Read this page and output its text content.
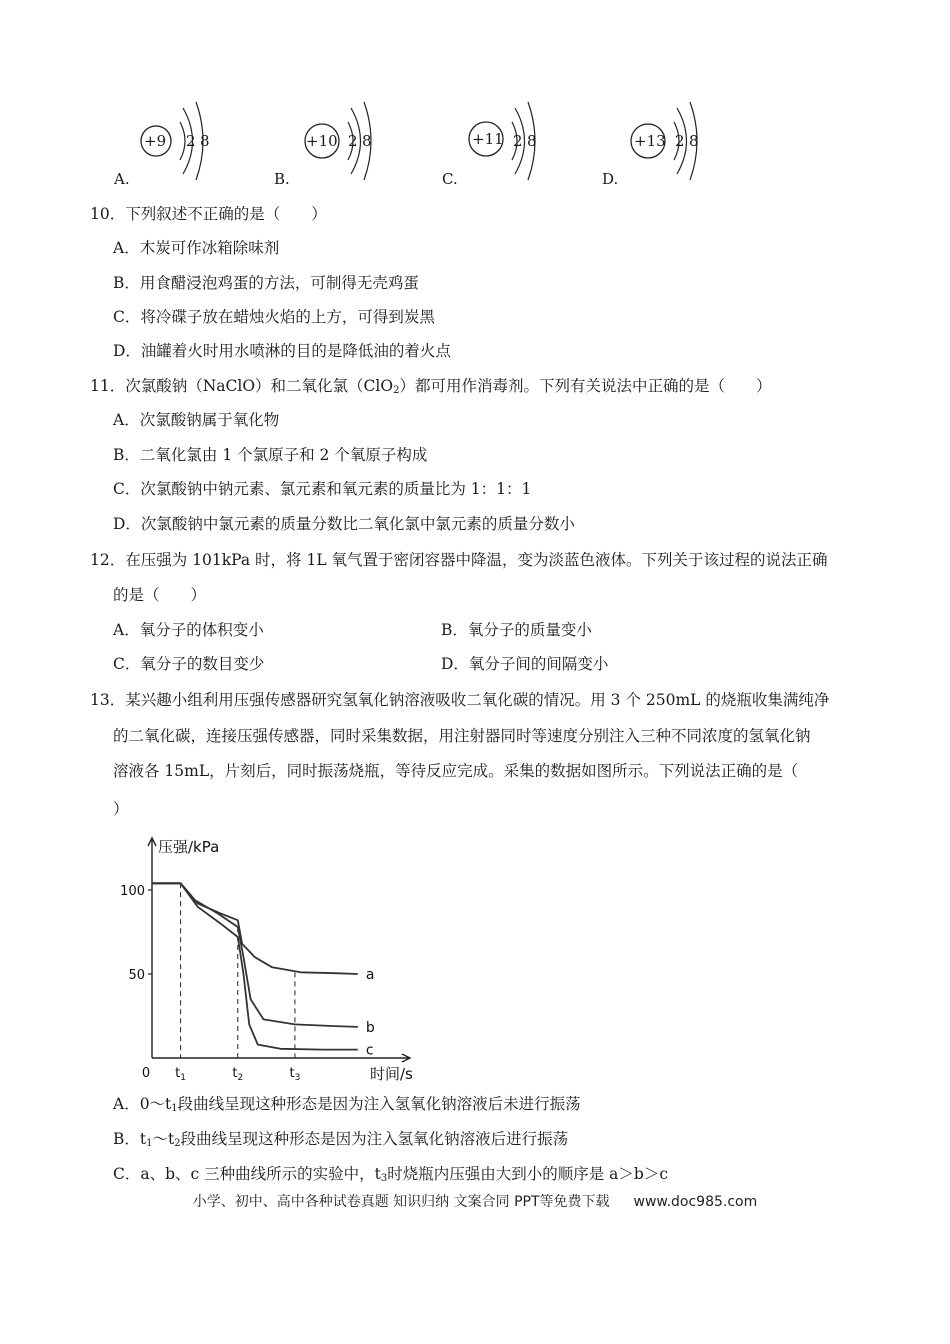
+9 2 8
A.
+10 2 8
B.
+11 2 8
C.
+13 2 8
D.
10．下列叙述不正确的是（　　）
A．木炭可作冰箱除味剂
B．用食醋浸泡鸡蛋的方法，可制得无壳鸡蛋
C．将冷碟子放在蜡烛火焰的上方，可得到炭黑
D．油罐着火时用水喷淋的目的是降低油的着火点
11．次氯酸钠（NaClO）和二氧化氯（ClO$_2$）都可用作消毒剂。下列有关说法中正确的是（　　）
A．次氯酸钠属于氧化物
B．二氧化氯由 1 个氯原子和 2 个氧原子构成
C．次氯酸钠中钠元素、氯元素和氧元素的质量比为 1：1：1
D．次氯酸钠中氯元素的质量分数比二氧化氯中氯元素的质量分数小
12．在压强为 101kPa 时，将 1L 氧气置于密闭容器中降温，变为淡蓝色液体。下列关于该过程的说法正确
的是（　　）
A．氧分子的体积变小	B．氧分子的质量变小
C．氧分子的数目变少	D．氧分子间的间隔变小
13．某兴趣小组利用压强传感器研究氢氧化钠溶液吸收二氧化碳的情况。用 3 个 250mL 的烧瓶收集满纯净
的二氧化碳，连接压强传感器，同时采集数据，用注射器同时等速度分别注入三种不同浓度的氢氧化钠
溶液各 15mL，片刻后，同时振荡烧瓶，等待反应完成。采集的数据如图所示。下列说法正确的是（
）
压强/kPa
时间/s
100
50
0 $t_1$	$t_2$	$t_3$
a
b
c
A．$0\sim t_1$段曲线呈现这种形态是因为注入氢氧化钠溶液后未进行振荡
B．$t_1\sim t_2$段曲线呈现这种形态是因为注入氢氧化钠溶液后进行振荡
C．a、b、c 三种曲线所示的实验中，$t_3$时烧瓶内压强由大到小的顺序是 a＞b＞c
小学、初中、高中各种试卷真题 知识归纳 文案合同 PPT等免费下载 www.doc985.com
